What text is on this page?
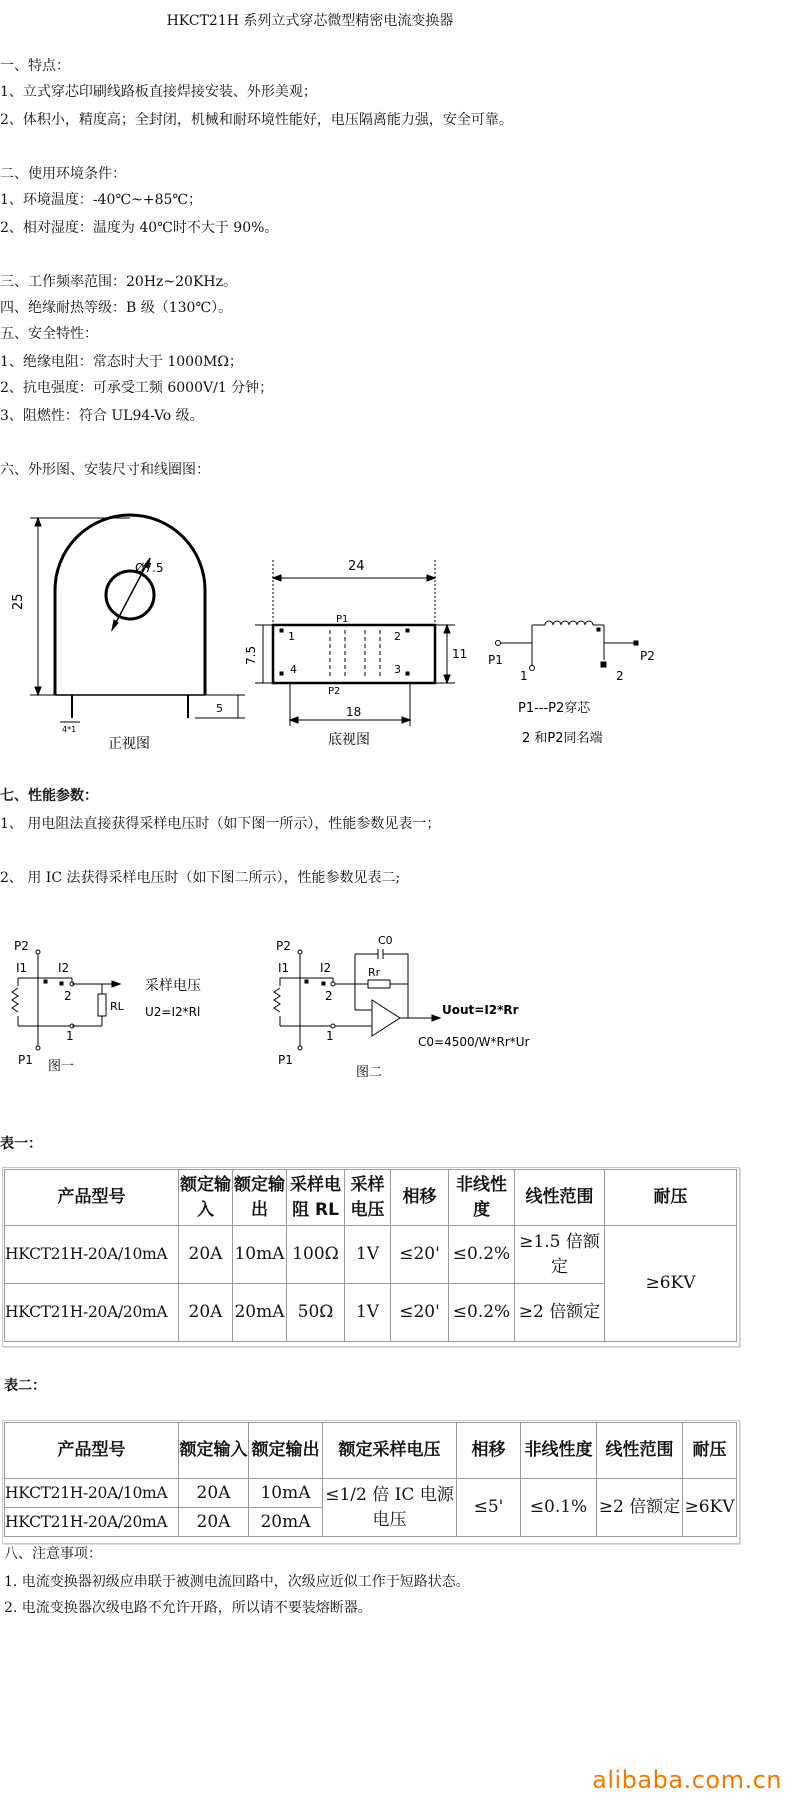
HKCT21H 系列立式穿芯微型精密电流变换器
一、特点：
1、立式穿芯印刷线路板直接焊接安装、外形美观；
2、体积小，精度高；全封闭，机械和耐环境性能好，电压隔离能力强，安全可靠。
二、使用环境条件：
1、环境温度：-40℃~+85℃；
2、相对湿度：温度为 40℃时不大于 90%。
三、工作频率范围：20Hz~20KHz。
四、绝缘耐热等级：B 级（130℃）。
五、安全特性：
1、绝缘电阻：常态时大于 1000MΩ；
2、抗电强度：可承受工频 6000V/1 分钟；
3、阻燃性：符合 UL94-Vo 级。
六、外形图、安装尺寸和线圈图：
Ø7.5
25
4*1
5
正视图
24
P1
P2
1	2
3
4
7.5	11
18
底视图
P1	P2
1	2
P1---P2穿芯
2 和P2同名端
七、性能参数：
1、 用电阻法直接获得采样电压时（如下图一所示），性能参数见表一；
2、 用 IC 法获得采样电压时（如下图二所示），性能参数见表二;
P2
I1	I2
2
1
P1
RL
采样电压
U2=I2*Rl
图一
P2
I1	I2
2
1
P1
C0
Rr
Uout=I2*Rr
C0=4500/W*Rr*Ur
图二
表一：
产品型号	额定输入	额定输出	采样电阻 RL	采样电压	相移	非线性度	线性范围	耐压
HKCT21H-20A/10mA	20A	10mA	100Ω	1V	≤20'	≤0.2%	≥1.5 倍额定	≥6KV
HKCT21H-20A/20mA	20A	20mA	50Ω	1V	≤20'	≤0.2%	≥2 倍额定	
表二：
产品型号	额定输入	额定输出	额定采样电压	相移	非线性度	线性范围	耐压
HKCT21H-20A/10mA	20A	10mA	≤1/2 倍 IC 电源电压	≤5'	≤0.1%	≥2 倍额定	≥6KV
HKCT21H-20A/20mA	20A	20mA					
八、注意事项：
1. 电流变换器初级应串联于被测电流回路中，次级应近似工作于短路状态。
2. 电流变换器次级电路不允许开路，所以请不要装熔断器。
alibaba.com.cn
